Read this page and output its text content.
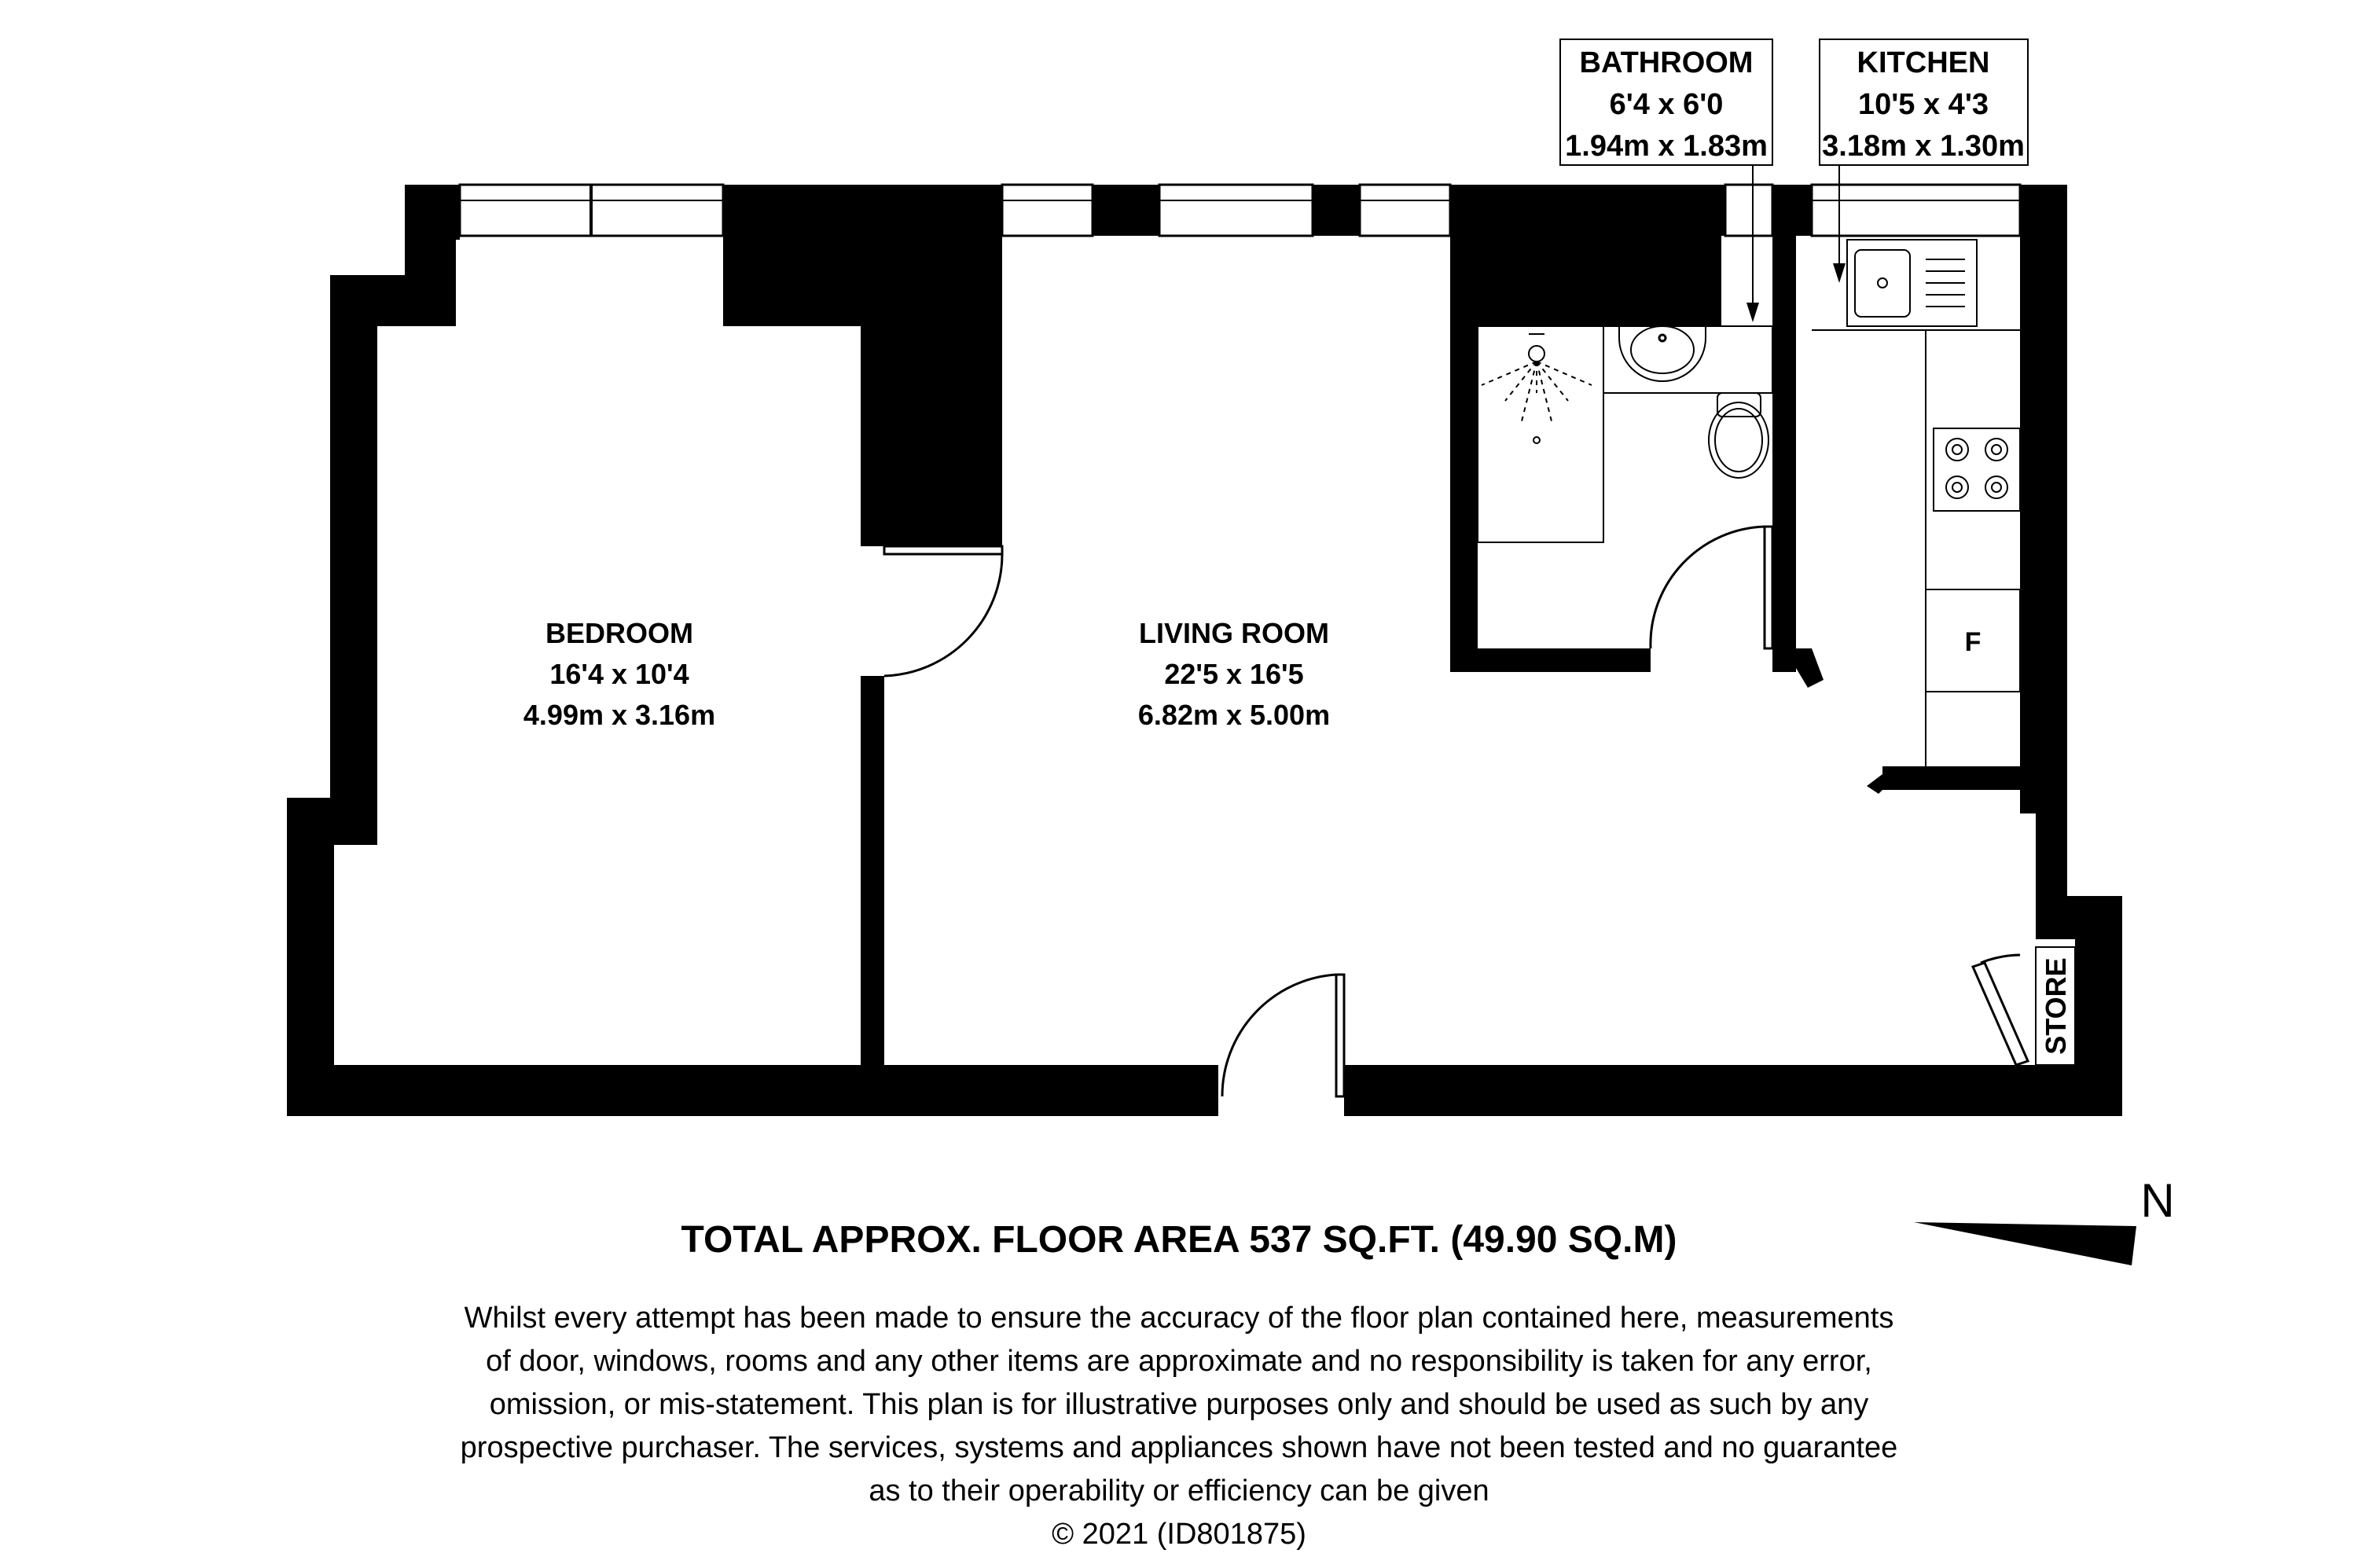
BEDROOM
16'4 x 10'4
4.99m x 3.16m
LIVING ROOM
22'5 x 16'5
6.82m x 5.00m
BATHROOM
6'4 x 6'0
1.94m x 1.83m
KITCHEN
10'5 x 4'3
3.18m x 1.30m
F
STORE
N
TOTAL APPROX. FLOOR AREA 537 SQ.FT. (49.90 SQ.M)
Whilst every attempt has been made to ensure the accuracy of the floor plan contained here, measurements
of door, windows, rooms and any other items are approximate and no responsibility is taken for any error,
omission, or mis-statement. This plan is for illustrative purposes only and should be used as such by any
prospective purchaser. The services, systems and appliances shown have not been tested and no guarantee
as to their operability or efficiency can be given
© 2021 (ID801875)
